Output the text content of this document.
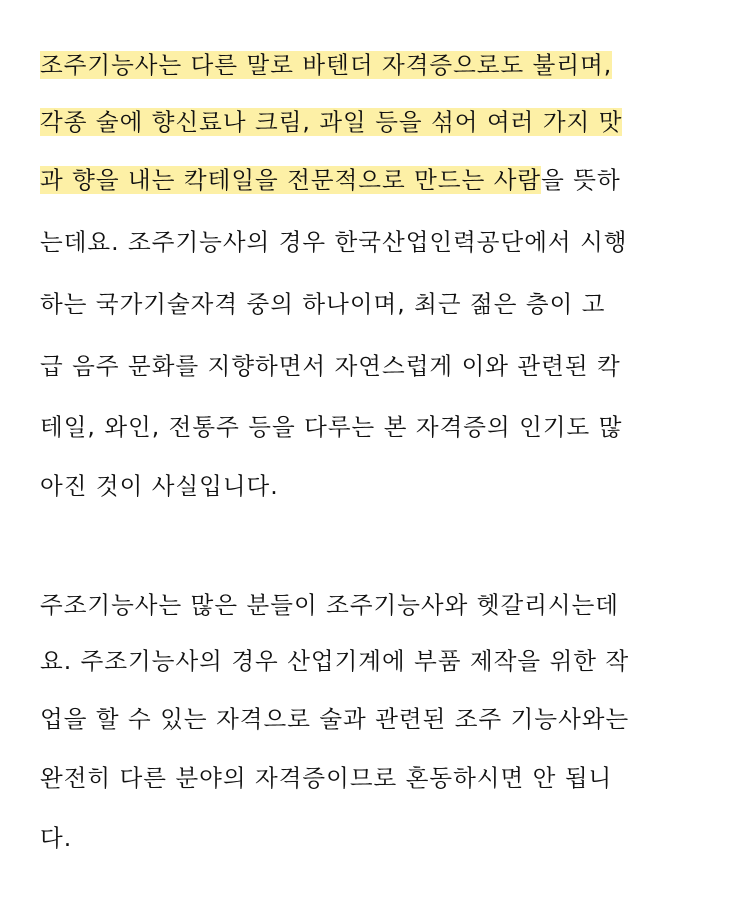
조주기능사는 다른 말로 바텐더 자격증으로도 불리며,
각종 술에 향신료나 크림, 과일 등을 섞어 여러 가지 맛
과 향을 내는 칵테일을 전문적으로 만드는 사람을 뜻하
는데요. 조주기능사의 경우 한국산업인력공단에서 시행
하는 국가기술자격 중의 하나이며, 최근 젊은 층이 고
급 음주 문화를 지향하면서 자연스럽게 이와 관련된 칵
테일, 와인, 전통주 등을 다루는 본 자격증의 인기도 많
아진 것이 사실입니다.
주조기능사는 많은 분들이 조주기능사와 헷갈리시는데
요. 주조기능사의 경우 산업기계에 부품 제작을 위한 작
업을 할 수 있는 자격으로 술과 관련된 조주 기능사와는
완전히 다른 분야의 자격증이므로 혼동하시면 안 됩니
다.
